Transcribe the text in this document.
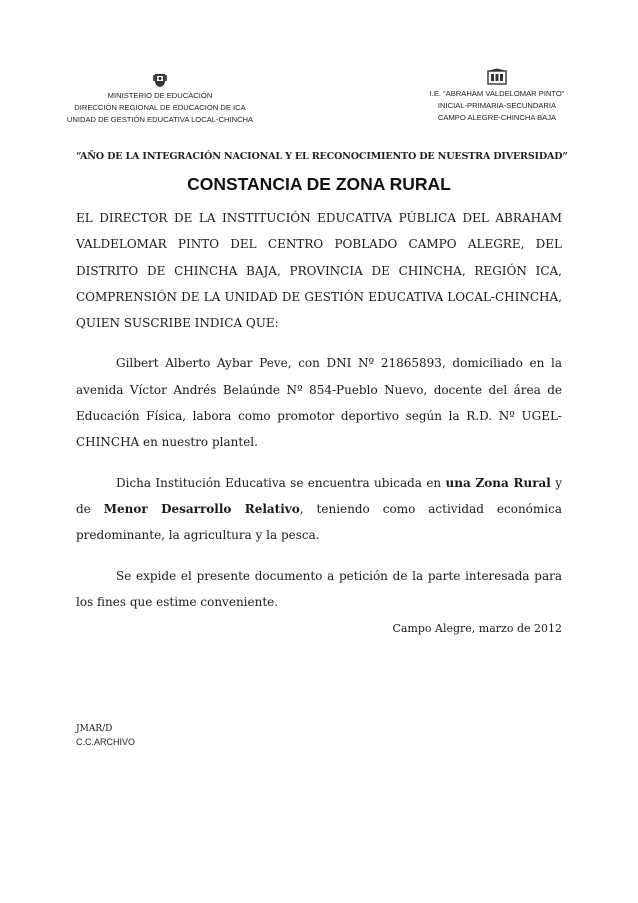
MINISTERIO DE EDUCACIÓN
DIRECCIÓN REGIONAL DE EDUCACIÓN DE ICA
UNIDAD DE GESTIÓN EDUCATIVA LOCAL-CHINCHA
I.E. “ABRAHAM VALDELOMAR PINTO”
INICIAL-PRIMARIA-SECUNDARIA
CAMPO ALEGRE-CHINCHA BAJA
“AÑO DE LA INTEGRACIÓN NACIONAL Y EL RECONOCIMIENTO DE NUESTRA DIVERSIDAD”
CONSTANCIA DE ZONA RURAL

EL DIRECTOR DE LA INSTITUCIÓN EDUCATIVA PÚBLICA DEL ABRAHAM VALDELOMAR PINTO DEL CENTRO POBLADO CAMPO ALEGRE, DEL DISTRITO DE CHINCHA BAJA, PROVINCIA DE CHINCHA, REGIÓN ICA, COMPRENSIÓN DE LA UNIDAD DE GESTIÓN EDUCATIVA LOCAL-CHINCHA, QUIEN SUSCRIBE INDICA QUE:

Gilbert Alberto Aybar Peve, con DNI Nº 21865893, domiciliado en la avenida Víctor Andrés Belaúnde Nº 854-Pueblo Nuevo, docente del área de Educación Física, labora como promotor deportivo según la R.D. Nº UGEL-CHINCHA en nuestro plantel.

Dicha Institución Educativa se encuentra ubicada en una Zona Rural y de Menor Desarrollo Relativo, teniendo como actividad económica predominante, la agricultura y la pesca.

Se expide el presente documento a petición de la parte interesada para los fines que estime conveniente.

Campo Alegre, marzo de 2012
JMAR/D
C.C.ARCHIVO
